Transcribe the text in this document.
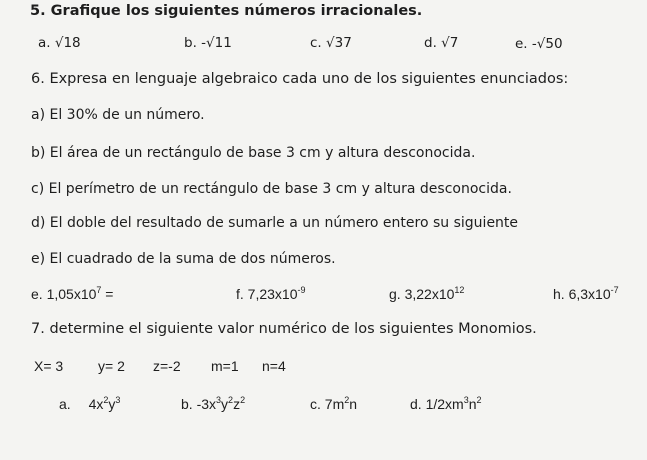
5. Grafique los siguientes números irracionales.
a. √18	b. -√11	c. √37	d. √7	e. -√50
6. Expresa en lenguaje algebraico cada uno de los siguientes enunciados:
a) El 30% de un número.
b) El área de un rectángulo de base 3 cm y altura desconocida.
c) El perímetro de un rectángulo de base 3 cm y altura desconocida.
d) El doble del resultado de sumarle a un número entero su siguiente
e) El cuadrado de la suma de dos números.
e. $1,05x10^7$ =	f. $7,23x10^{-9}$	g. $3,22x10^{12}$	h. $6,3x10^{-7}$
7. determine el siguiente valor numérico de los siguientes Monomios.
X= 3 y= 2 z=-2 m=1 n=4
a. $4x^2y^3$	b. $-3x^3y^2z^2$	c. $7m^2n$	d. $1/2xm^3n^2$
